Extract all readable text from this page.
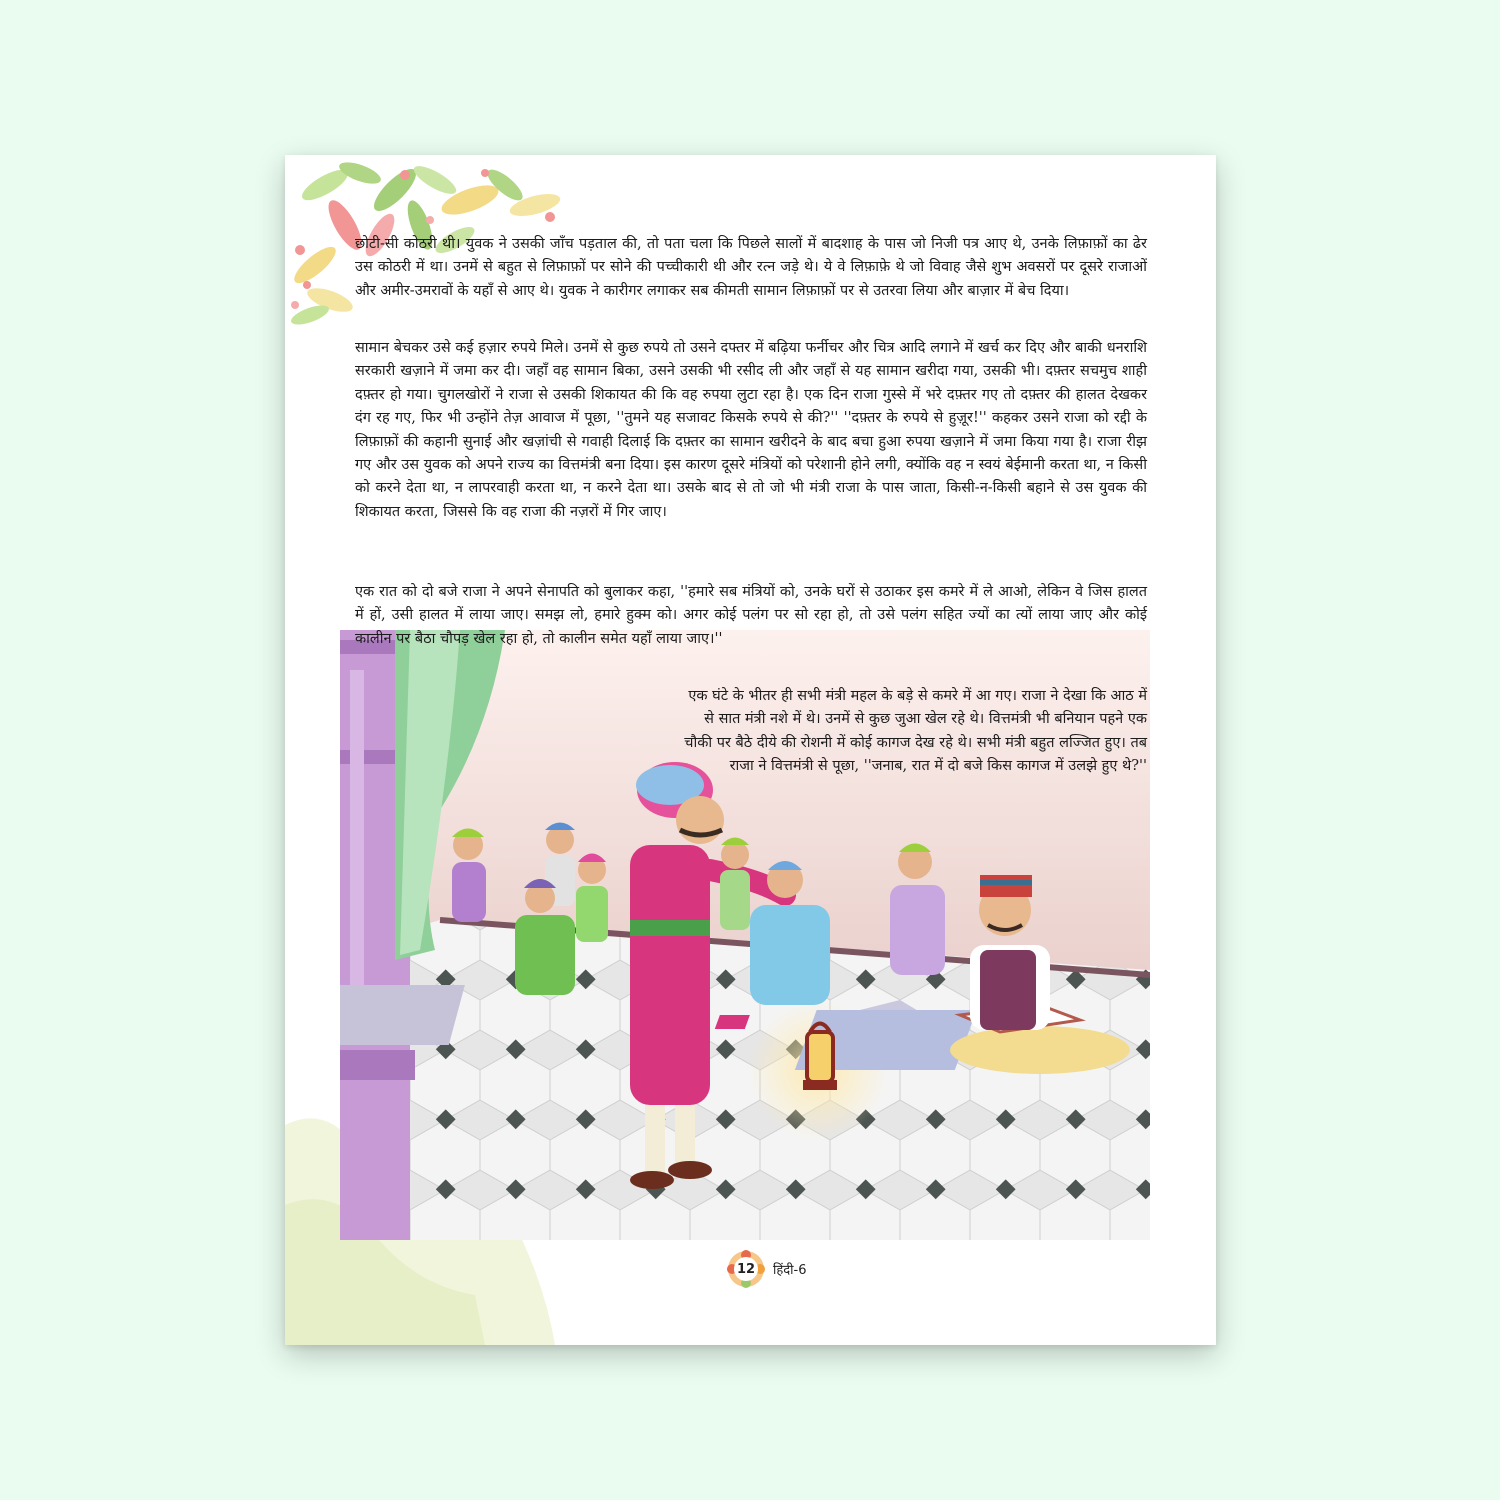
छोटी-सी कोठरी थी। युवक ने उसकी जाँच पड़ताल की, तो पता चला कि पिछले सालों में बादशाह के पास जो निजी पत्र आए थे, उनके लिफ़ाफ़ों का ढेर उस कोठरी में था। उनमें से बहुत से लिफ़ाफ़ों पर सोने की पच्चीकारी थी और रत्न जड़े थे। ये वे लिफ़ाफ़े थे जो विवाह जैसे शुभ अवसरों पर दूसरे राजाओं और अमीर-उमरावों के यहाँ से आए थे। युवक ने कारीगर लगाकर सब कीमती सामान लिफ़ाफ़ों पर से उतरवा लिया और बाज़ार में बेच दिया।

सामान बेचकर उसे कई हज़ार रुपये मिले। उनमें से कुछ रुपये तो उसने दफ्तर में बढ़िया फर्नीचर और चित्र आदि लगाने में खर्च कर दिए और बाकी धनराशि सरकारी खज़ाने में जमा कर दी। जहाँ वह सामान बिका, उसने उसकी भी रसीद ली और जहाँ से यह सामान खरीदा गया, उसकी भी। दफ़्तर सचमुच शाही दफ़्तर हो गया। चुगलखोरों ने राजा से उसकी शिकायत की कि वह रुपया लुटा रहा है। एक दिन राजा गुस्से में भरे दफ़्तर गए तो दफ़्तर की हालत देखकर दंग रह गए, फिर भी उन्होंने तेज़ आवाज में पूछा, ''तुमने यह सजावट किसके रुपये से की?'' ''दफ़्तर के रुपये से हुज़ूर!'' कहकर उसने राजा को रद्दी के लिफ़ाफ़ों की कहानी सुनाई और खज़ांची से गवाही दिलाई कि दफ़्तर का सामान खरीदने के बाद बचा हुआ रुपया खज़ाने में जमा किया गया है। राजा रीझ गए और उस युवक को अपने राज्य का वित्तमंत्री बना दिया। इस कारण दूसरे मंत्रियों को परेशानी होने लगी, क्योंकि वह न स्वयं बेईमानी करता था, न किसी को करने देता था, न लापरवाही करता था, न करने देता था। उसके बाद से तो जो भी मंत्री राजा के पास जाता, किसी-न-किसी बहाने से उस युवक की शिकायत करता, जिससे कि वह राजा की नज़रों में गिर जाए।

एक रात को दो बजे राजा ने अपने सेनापति को बुलाकर कहा, ''हमारे सब मंत्रियों को, उनके घरों से उठाकर इस कमरे में ले आओ, लेकिन वे जिस हालत में हों, उसी हालत में लाया जाए। समझ लो, हमारे हुक्म को। अगर कोई पलंग पर सो रहा हो, तो उसे पलंग सहित ज्यों का त्यों लाया जाए और कोई कालीन पर बैठा चौपड़ खेल रहा हो, तो कालीन समेत यहाँ लाया जाए।''

एक घंटे के भीतर ही सभी मंत्री महल के बड़े से कमरे में आ गए। राजा ने देखा कि आठ में से सात मंत्री नशे में थे। उनमें से कुछ जुआ खेल रहे थे। वित्तमंत्री भी बनियान पहने एक चौकी पर बैठे दीये की रोशनी में कोई कागज देख रहे थे। सभी मंत्री बहुत लज्जित हुए। तब राजा ने वित्तमंत्री से पूछा, ''जनाब, रात में दो बजे किस कागज में उलझे हुए थे?''

12 हिंदी-6
